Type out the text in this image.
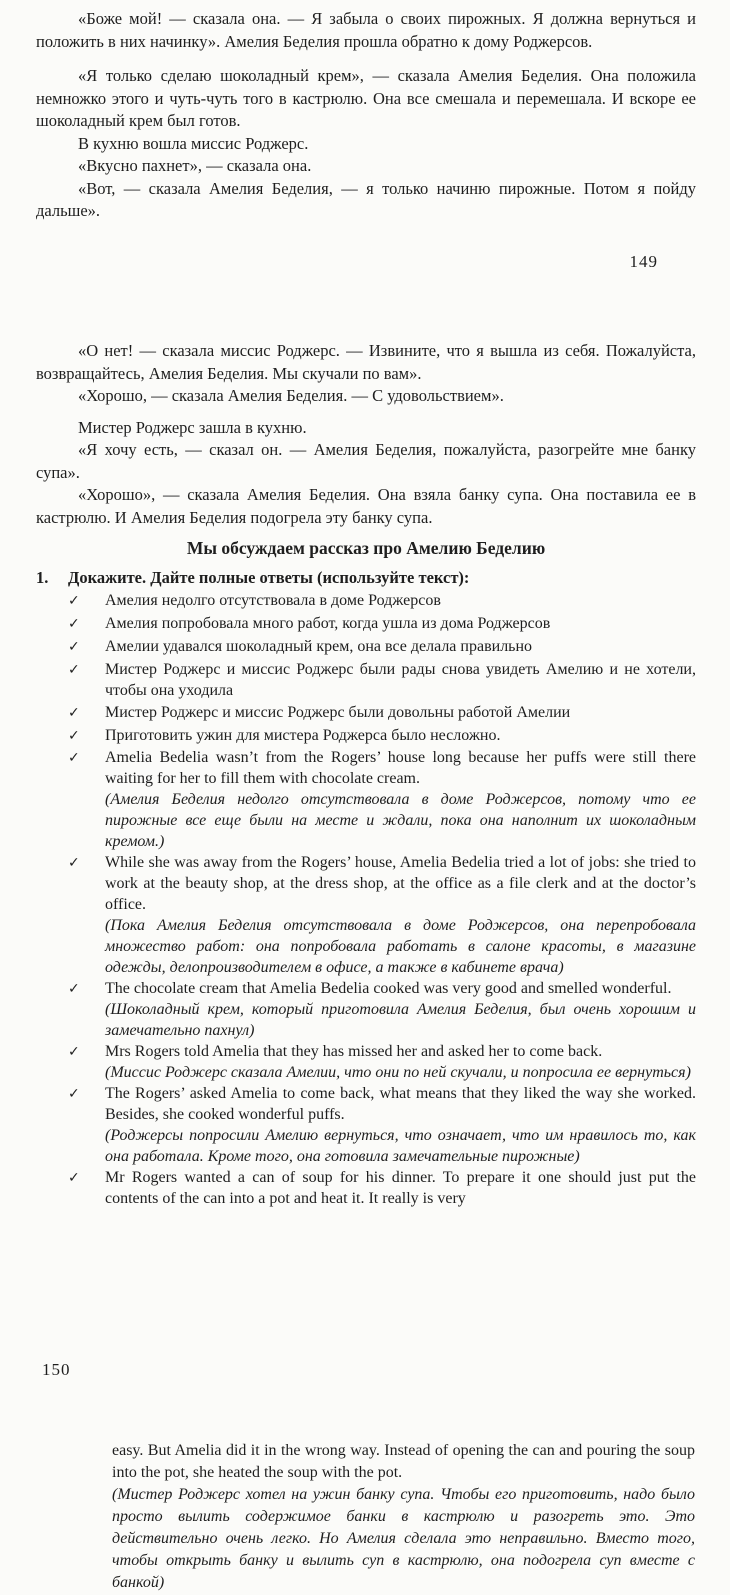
«Боже мой! — сказала она. — Я забыла о своих пирожных. Я должна вернуться и положить в них начинку». Амелия Беделия прошла обратно к дому Роджерсов.

«Я только сделаю шоколадный крем», — сказала Амелия Беделия. Она положила немножко этого и чуть-чуть того в кастрюлю. Она все смешала и перемешала. И вскоре ее шоколадный крем был готов.

В кухню вошла миссис Роджерс.

«Вкусно пахнет», — сказала она.

«Вот, — сказала Амелия Беделия, — я только начиню пирожные. Потом я пойду дальше».

149

«О нет! — сказала миссис Роджерс. — Извините, что я вышла из себя. Пожалуйста, возвращайтесь, Амелия Беделия. Мы скучали по вам».

«Хорошо, — сказала Амелия Беделия. — С удовольствием».

Мистер Роджерс зашла в кухню.

«Я хочу есть, — сказал он. — Амелия Беделия, пожалуйста, разогрейте мне банку супа».

«Хорошо», — сказала Амелия Беделия. Она взяла банку супа. Она поставила ее в кастрюлю. И Амелия Беделия подогрела эту банку супа.

Мы обсуждаем рассказ про Амелию Беделию
1.	Докажите. Дайте полные ответы (используйте текст):
✓	Амелия недолго отсутствовала в доме Роджерсов
✓	Амелия попробовала много работ, когда ушла из дома Роджерсов
✓	Амелии удавался шоколадный крем, она все делала правильно
✓	Мистер Роджерс и миссис Роджерс были рады снова увидеть Амелию и не хотели, чтобы она уходила
✓	Мистер Роджерс и миссис Роджерс были довольны работой Амелии
✓	Приготовить ужин для мистера Роджерса было несложно.
✓	Amelia Bedelia wasn’t from the Rogers’ house long because her puffs were still there waiting for her to fill them with chocolate cream.
(Амелия Беделия недолго отсутствовала в доме Роджерсов, потому что ее пирожные все еще были на месте и ждали, пока она наполнит их шоколадным кремом.)
✓	While she was away from the Rogers’ house, Amelia Bedelia tried a lot of jobs: she tried to work at the beauty shop, at the dress shop, at the office as a file clerk and at the doctor’s office.
(Пока Амелия Беделия отсутствовала в доме Роджерсов, она перепробовала множество работ: она попробовала работать в салоне красоты, в магазине одежды, делопроизводителем в офисе, а также в кабинете врача)
✓	The chocolate cream that Amelia Bedelia cooked was very good and smelled wonderful.
(Шоколадный крем, который приготовила Амелия Беделия, был очень хорошим и замечательно пахнул)
✓	Mrs Rogers told Amelia that they has missed her and asked her to come back.
(Миссис Роджерс сказала Амелии, что они по ней скучали, и попросила ее вернуться)
✓	The Rogers’ asked Amelia to come back, what means that they liked the way she worked. Besides, she cooked wonderful puffs.
(Роджерсы попросили Амелию вернуться, что означает, что им нравилось то, как она работала. Кроме того, она готовила замечательные пирожные)
✓	Mr Rogers wanted a can of soup for his dinner. To prepare it one should just put the contents of the can into a pot and heat it. It really is very
150
easy. But Amelia did it in the wrong way. Instead of opening the can and pouring the soup into the pot, she heated the soup with the pot.
(Мистер Роджерс хотел на ужин банку супа. Чтобы его приготовить, надо было просто вылить содержимое банки в кастрюлю и разогреть это. Это действительно очень легко. Но Амелия сделала это неправильно. Вместо того, чтобы открыть банку и вылить суп в кастрюлю, она подогрела суп вместе с банкой)
